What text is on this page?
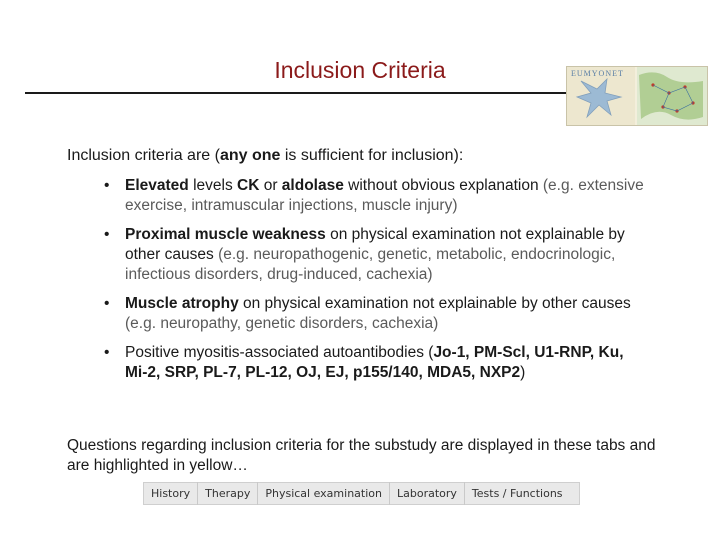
Inclusion Criteria	EUMYONET
Inclusion criteria are (any one is sufficient for inclusion):
• Elevated levels CK or aldolase without obvious explanation (e.g. extensive exercise, intramuscular injections, muscle injury)
• Proximal muscle weakness on physical examination not explainable by other causes (e.g. neuropathogenic, genetic, metabolic, endocrinologic, infectious disorders, drug-induced, cachexia)
• Muscle atrophy on physical examination not explainable by other causes (e.g. neuropathy, genetic disorders, cachexia)
• Positive myositis-associated autoantibodies (Jo-1, PM-Scl, U1-RNP, Ku, Mi-2, SRP, PL-7, PL-12, OJ, EJ, p155/140, MDA5, NXP2)
Questions regarding inclusion criteria for the substudy are displayed in these tabs and are highlighted in yellow…
History	Therapy	Physical examination	Laboratory	Tests / Functions
